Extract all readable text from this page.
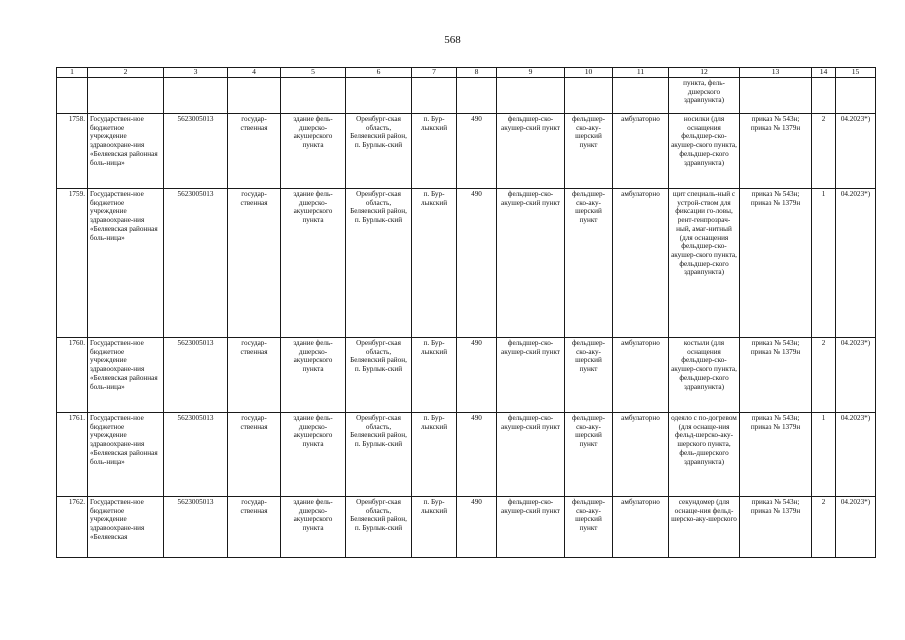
568
1	2	3	4	5	6	7	8	9	10	11	12	13	14	15
											пункта, фель-дшерского здравпункта)			
1758.	Государствен-ное бюджетное учреждение здравоохране-ния «Беляевская районная боль-ница»	5623005013	государ-ственная	здание фель-дшерско-акушерского пункта	Оренбург-ская область, Беляевский район, п. Бурлык-ский	п. Бур-лыкский	490	фельдшер-ско-акушер-ский пункт	фельдшер-ско-аку-шерский пункт	амбулаторно	носилки (для оснащения фельдшер-ско-акушер-ского пункта, фельдшер-ского здравпункта)	приказ № 543н; приказ № 1379н	2	04.2023*)
1759.	Государствен-ное бюджетное учреждение здравоохране-ния «Беляевская районная боль-ница»	5623005013	государ-ственная	здание фель-дшерско-акушерского пункта	Оренбург-ская область, Беляевский район, п. Бурлык-ский	п. Бур-лыкский	490	фельдшер-ско-акушер-ский пункт	фельдшер-ско-аку-шерский пункт	амбулаторно	щит специаль-ный с устрой-ством для фиксации го-ловы, рент-генпрозрач-ный, амаг-нитный (для оснащения фельдшер-ско-акушер-ского пункта, фельдшер-ского здравпункта)	приказ № 543н; приказ № 1379н	1	04.2023*)
1760.	Государствен-ное бюджетное учреждение здравоохране-ния «Беляевская районная боль-ница»	5623005013	государ-ственная	здание фель-дшерско-акушерского пункта	Оренбург-ская область, Беляевский район, п. Бурлык-ский	п. Бур-лыкский	490	фельдшер-ско-акушер-ский пункт	фельдшер-ско-аку-шерский пункт	амбулаторно	костыли (для оснащения фельдшер-ско-акушер-ского пункта, фельдшер-ского здравпункта)	приказ № 543н; приказ № 1379н	2	04.2023*)
1761.	Государствен-ное бюджетное учреждение здравоохране-ния «Беляевская районная боль-ница»	5623005013	государ-ственная	здание фель-дшерско-акушерского пункта	Оренбург-ская область, Беляевский район, п. Бурлык-ский	п. Бур-лыкский	490	фельдшер-ско-акушер-ский пункт	фельдшер-ско-аку-шерский пункт	амбулаторно	одеяло с по-догревом (для оснаще-ния фельд-шерско-аку-шерского пункта, фель-дшерского здравпункта)	приказ № 543н; приказ № 1379н	1	04.2023*)
1762.	Государствен-ное бюджетное учреждение здравоохране-ния «Беляевская	5623005013	государ-ственная	здание фель-дшерско-акушерского пункта	Оренбург-ская область, Беляевский район, п. Бурлык-ский	п. Бур-лыкский	490	фельдшер-ско-акушер-ский пункт	фельдшер-ско-аку-шерский пункт	амбулаторно	секундомер (для оснаще-ния фельд-шерско-аку-шерского	приказ № 543н; приказ № 1379н	2	04.2023*)
